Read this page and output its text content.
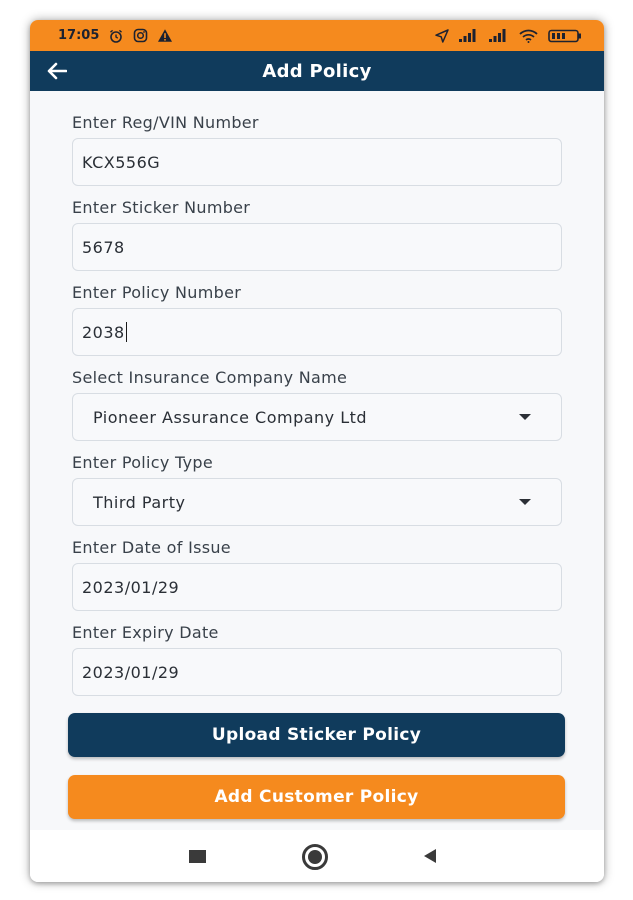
17:05
Add Policy
Enter Reg/VIN Number
KCX556G
Enter Sticker Number
5678
Enter Policy Number
2038
Select Insurance Company Name
Pioneer Assurance Company Ltd
Enter Policy Type
Third Party
Enter Date of Issue
2023/01/29
Enter Expiry Date
2023/01/29
Upload Sticker Policy
Add Customer Policy
